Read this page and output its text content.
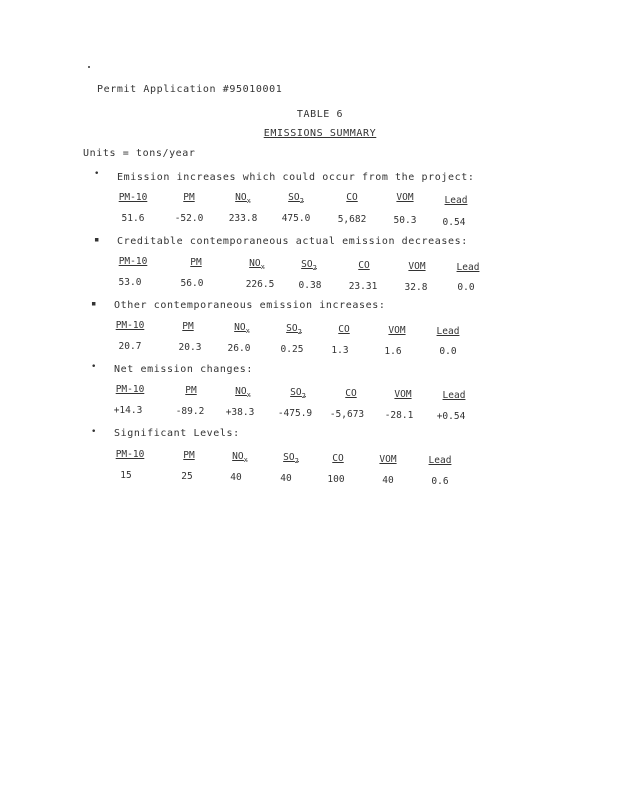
Permit Application #95010001
TABLE 6
EMISSIONS SUMMARY
Units = tons/year
• Emission increases which could occur from the project:
PM-10	PM	$NO_x$	$SO_2$	CO	VOM	Lead
51.6	-52.0	233.8	475.0	5,682	50.3	0.54
▪ Creditable contemporaneous actual emission decreases:
PM-10	PM	$NO_x$	$SO_2$	CO	VOM	Lead
53.0	56.0	226.5	0.38	23.31	32.8	0.0
▪ Other contemporaneous emission increases:
PM-10	PM	$NO_x$	$SO_2$	CO	VOM	Lead
20.7	20.3	26.0	0.25	1.3	1.6	0.0
• Net emission changes:
PM-10	PM	$NO_x$	$SO_2$	CO	VOM	Lead
+14.3	-89.2	+38.3	-475.9	-5,673	-28.1	+0.54
• Significant Levels:
PM-10	PM	$NO_x$	$SO_2$	CO	VOM	Lead
15	25	40	40	100	40	0.6
